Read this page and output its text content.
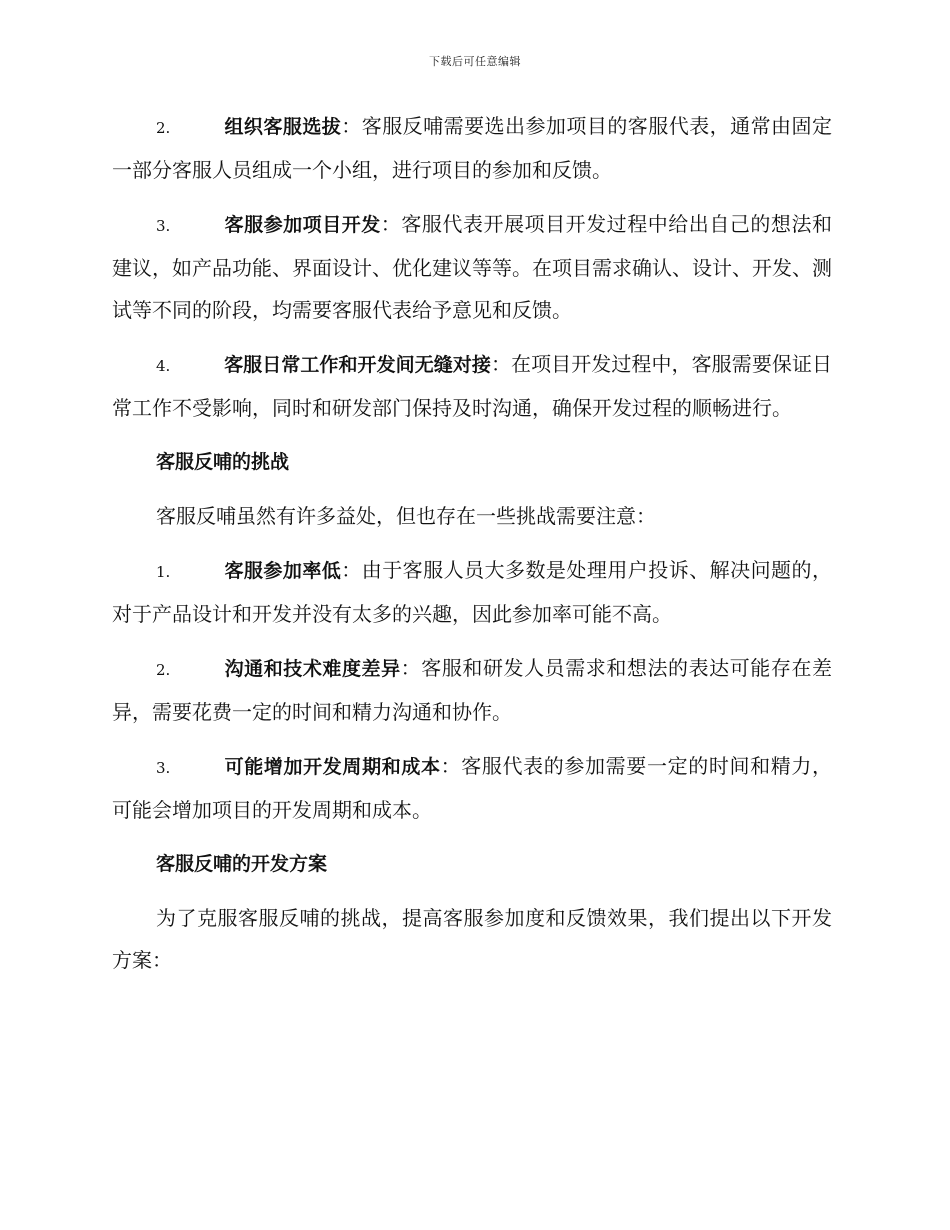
下载后可任意编辑

2.	组织客服选拔：客服反哺需要选出参加项目的客服代表，通常由固定一部分客服人员组成一个小组，进行项目的参加和反馈。

3.	客服参加项目开发：客服代表开展项目开发过程中给出自己的想法和建议，如产品功能、界面设计、优化建议等等。在项目需求确认、设计、开发、测试等不同的阶段，均需要客服代表给予意见和反馈。

4.	客服日常工作和开发间无缝对接：在项目开发过程中，客服需要保证日常工作不受影响，同时和研发部门保持及时沟通，确保开发过程的顺畅进行。

客服反哺的挑战

客服反哺虽然有许多益处，但也存在一些挑战需要注意：

1.	客服参加率低：由于客服人员大多数是处理用户投诉、解决问题的，对于产品设计和开发并没有太多的兴趣，因此参加率可能不高。

2.	沟通和技术难度差异：客服和研发人员需求和想法的表达可能存在差异，需要花费一定的时间和精力沟通和协作。

3.	可能增加开发周期和成本：客服代表的参加需要一定的时间和精力，可能会增加项目的开发周期和成本。

客服反哺的开发方案

为了克服客服反哺的挑战，提高客服参加度和反馈效果，我们提出以下开发方案：
